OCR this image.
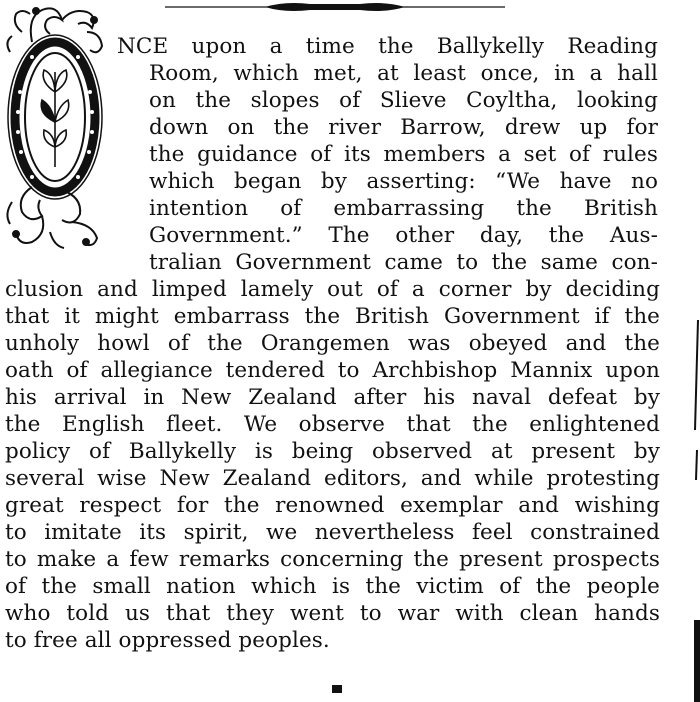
NCE upon a time the Ballykelly Reading
Room, which met, at least once, in a hall
on the slopes of Slieve Coyltha, looking
down on the river Barrow, drew up for
the guidance of its members a set of rules
which began by asserting: “We have no
intention of embarrassing the British
Government.” The other day, the Aus-
tralian Government came to the same con-
clusion and limped lamely out of a corner by deciding
that it might embarrass the British Government if the
unholy howl of the Orangemen was obeyed and the
oath of allegiance tendered to Archbishop Mannix upon
his arrival in New Zealand after his naval defeat by
the English fleet. We observe that the enlightened
policy of Ballykelly is being observed at present by
several wise New Zealand editors, and while protesting
great respect for the renowned exemplar and wishing
to imitate its spirit, we nevertheless feel constrained
to make a few remarks concerning the present prospects
of the small nation which is the victim of the people
who told us that they went to war with clean hands
to free all oppressed peoples.
